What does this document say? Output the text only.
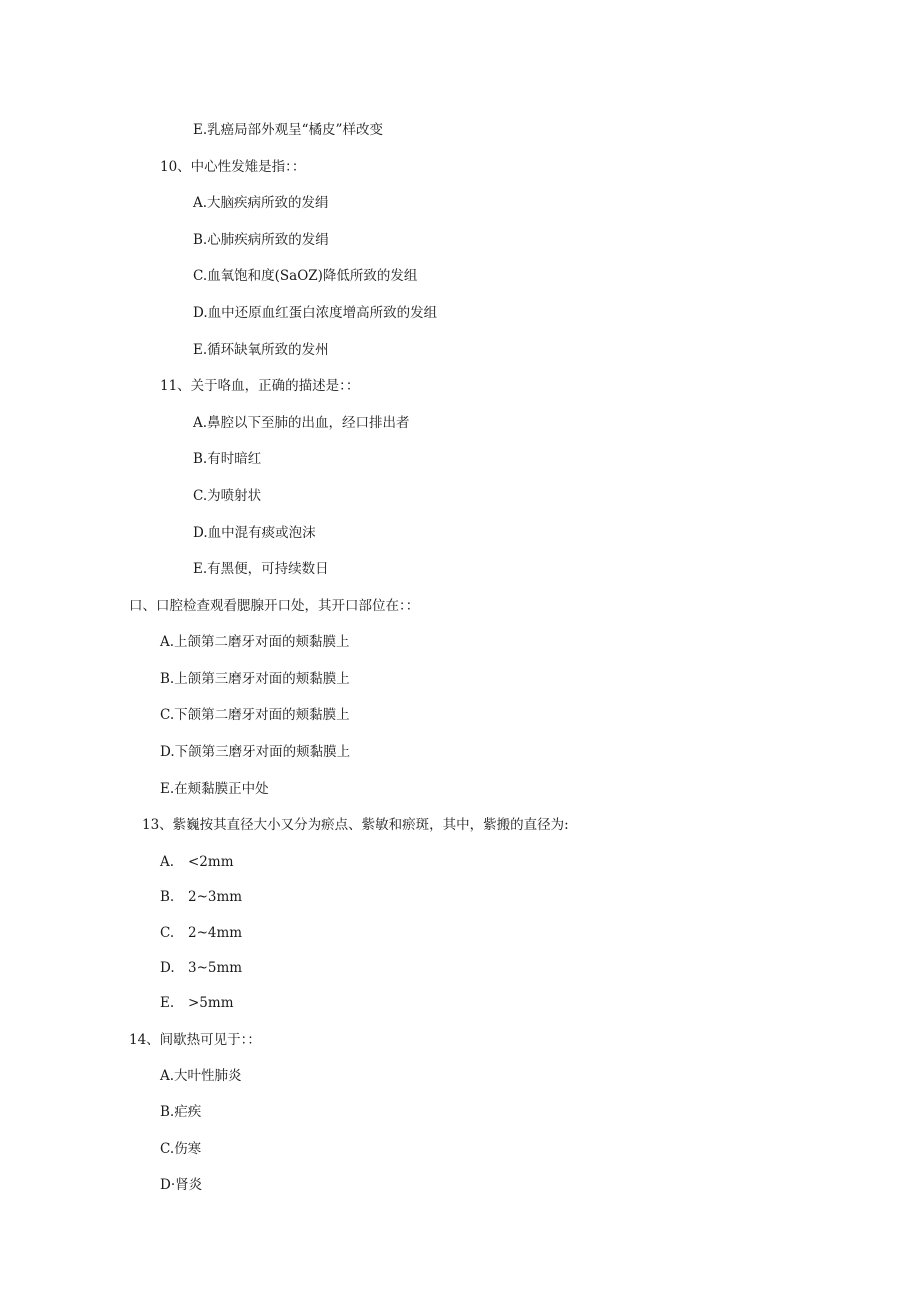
E.乳癌局部外观呈“橘皮”样改变
10、中心性发雉是指：：
A.大脑疾病所致的发绢
B.心肺疾病所致的发绢
C.血氧饱和度(SaOZ)降低所致的发组
D.血中还原血红蛋白浓度增高所致的发组
E.循环缺氧所致的发州
11、关于咯血，正确的描述是：：
A.鼻腔以下至肺的出血，经口排出者
B.有时暗红
C.为喷射状
D.血中混有痰或泡沫
E.有黑便，可持续数日
口、口腔检查观看腮腺开口处，其开口部位在：：
A.上颌第二磨牙对面的颊黏膜上
B.上颌第三磨牙对面的颊黏膜上
C.下颌第二磨牙对面的颊黏膜上
D.下颌第三磨牙对面的颊黏膜上
E.在颊黏膜正中处
13、紫巍按其直径大小又分为瘀点、紫敏和瘀斑，其中，紫搬的直径为:
A. <2mm
B. 2~3mm
C. 2~4mm
D. 3~5mm
E. >5mm
14、间歇热可见于：：
A.大叶性肺炎
B.疟疾
C.伤寒
D·肾炎
